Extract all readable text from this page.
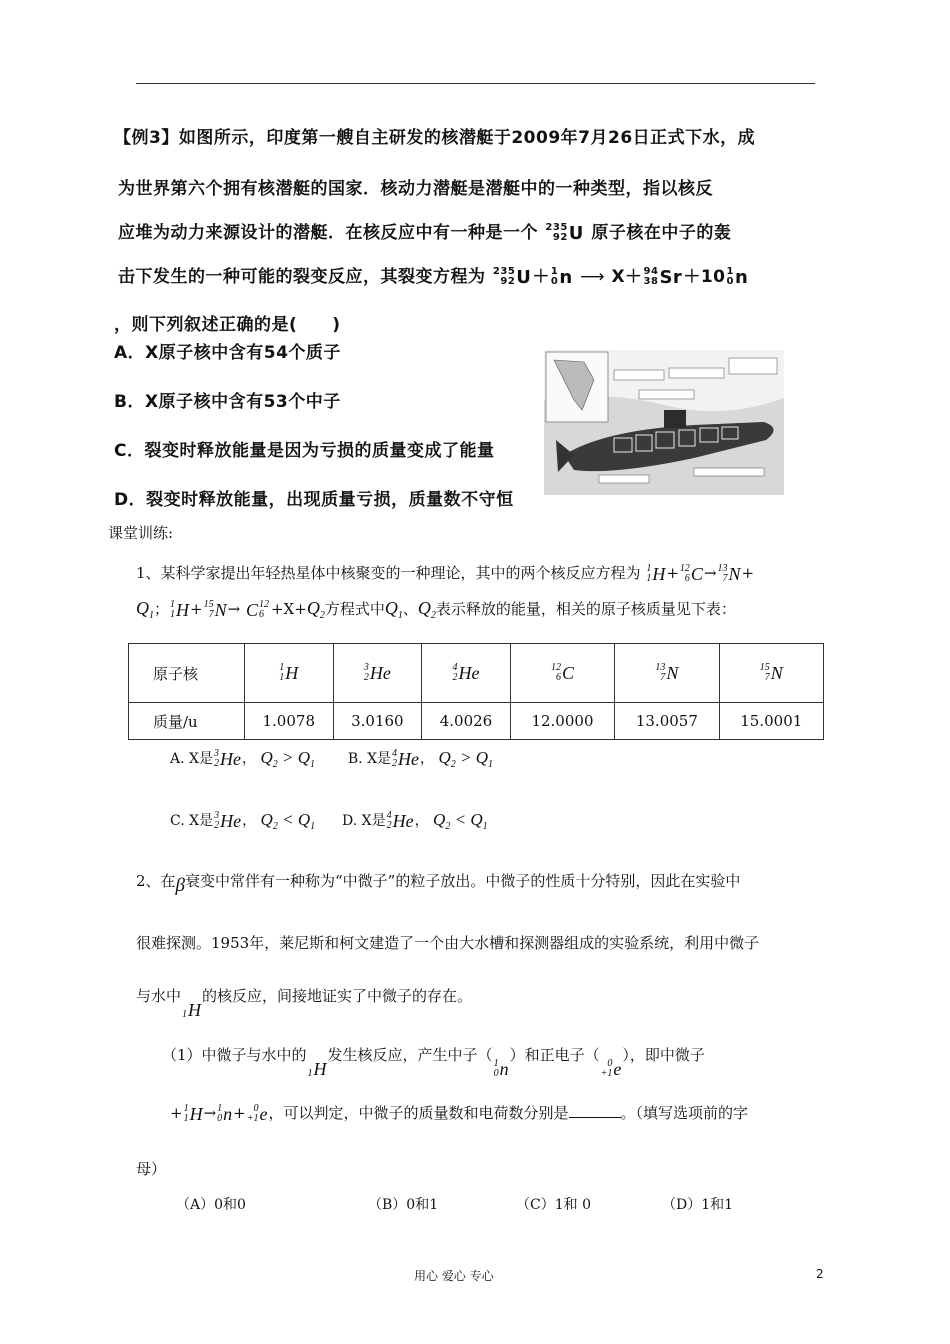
【例3】如图所示，印度第一艘自主研发的核潜艇于2009年7月26日正式下水，成
为世界第六个拥有核潜艇的国家．核动力潜艇是潜艇中的一种类型，指以核反
应堆为动力来源设计的潜艇．在核反应中有一种是一个 235
92 U 原子核在中子的轰
击下发生的一种可能的裂变反应，其裂变方程为 235
92 U ＋ 1
0 n ⟶ X＋ 94
38 Sr ＋10 1
0 n
，则下列叙述正确的是(　　)
A．X原子核中含有54个质子
B．X原子核中含有53个中子
C．裂变时释放能量是因为亏损的质量变成了能量
D．裂变时释放能量，出现质量亏损，质量数不守恒
课堂训练:
1、某科学家提出年轻热星体中核聚变的一种理论，其中的两个核反应方程为 1
1 H + 12
6 C → 13
7 N +
$Q_1$； 1
1 H + 15
7 N → C 12
$6 +X+Q_2$方程式中$Q_1$、$Q_2$表示释放的能量，相关的原子核质量见下表：
原子核	1
1 H	3
2 He	4
2 He	12
6 C	13
7 N	15
7 N

质量/u	1.0078	3.0160	4.0026	12.0000	13.0057	15.0001
A. X是 3
2 He ， $Q_2 > Q_1$ B. X是 4
2 He ， $Q_2 > Q_1$
C. X是 3
2 He ， $Q_2 < Q_1$ D. X是 4
2 He ， $Q_2 < Q_1$
2、在β衰变中常伴有一种称为“中微子”的粒子放出。中微子的性质十分特别，因此在实验中
很难探测。1953年，莱尼斯和柯文建造了一个由大水槽和探测器组成的实验系统，利用中微子
与水中

1 H
的核反应，间接地证实了中微子的存在。
（1）中微子与水中的

1 H
发生核反应，产生中子（ 1
0 n
）和正电子（ 0
+1 e
），即中微子
+ 1
1 H → 1
0 n + 0
+1 e ，可以判定，中微子的质量数和电荷数分别是	。（填写选项前的字
母）
（A）0和0	（B）0和1	（C）1和 0	（D）1和1
用心 爱心 专心	2
